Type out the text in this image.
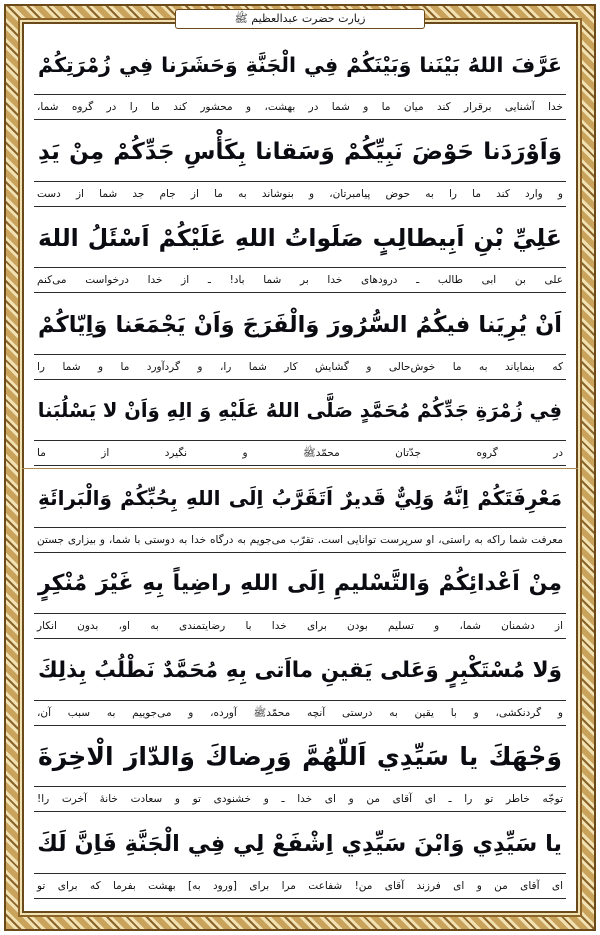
زیارت حضرت عبدالعظیم ﷺ
عَرَّفَ اللهُ بَيْنَنا وَبَيْنَكُمْ فِي الْجَنَّةِ وَحَشَرَنا فِي زُمْرَتِكُمْ
خدا آشنایی برقرار کند میان ما و شما در بهشت، و محشور کند ما را در گروه شما،
وَاَوْرَدَنا حَوْضَ نَبِيِّكُمْ وَسَقانا بِكَأْسِ جَدِّكُمْ مِنْ يَدِ
و وارد کند ما را به حوض پیامبرتان، و بنوشاند به ما از جام جد شما از دست
عَلِيِّ بْنِ اَبِيطالِبٍ صَلَواتُ اللهِ عَلَيْكُمْ اَسْئَلُ اللهَ
علی بن ابی طالب ـ درودهای خدا بر شما باد! ـ از خدا درخواست می‌کنم
اَنْ يُرِيَنا فيكُمُ السُّرُورَ وَالْفَرَجَ وَاَنْ يَجْمَعَنا وَاِيّاكُمْ
که بنمایاند به ما خوش‌حالی و گشایش کار شما را، و گردآورد ما و شما را
فِي زُمْرَةِ جَدِّكُمْ مُحَمَّدٍ صَلَّى اللهُ عَلَيْهِ وَ الِهِ وَاَنْ لا يَسْلُبَنا
در گروه جدّتان محمّدﷺ و نگیرد از ما
مَعْرِفَتَكُمْ اِنَّهُ وَلِيٌّ قَديرٌ اَتَقَرَّبُ اِلَى اللهِ بِحُبِّكُمْ وَالْبَرائَةِ
معرفت شما راکه به راستی، او سرپرست توانایی است. تقرّب می‌جویم به درگاه خدا به دوستی با شما، و بیزاری جستن
مِنْ اَعْدائِكُمْ وَالتَّسْليمِ اِلَى اللهِ راضِياً بِهِ غَيْرَ مُنْكِرٍ
از دشمنان شما، و تسلیم بودن برای خدا با رضایتمندی به او، بدون انکار
وَلا مُسْتَكْبِرٍ وَعَلى يَقينِ مااَتى بِهِ مُحَمَّدٌ نَطْلُبُ بِذلِكَ
و گردنکشی، و با یقین به درستی آنچه محمّدﷺ آورده، و می‌جوییم به سبب آن،
وَجْهَكَ يا سَيِّدِي اَللّهُمَّ وَرِضاكَ وَالدّارَ الْاخِرَةَ
توجّه خاطر تو را ـ ای آقای من و ای خدا ـ و خشنودی تو و سعادت خانهٔ آخرت را!
يا سَيِّدِي وَابْنَ سَيِّدِي اِشْفَعْ لِي فِي الْجَنَّةِ فَاِنَّ لَكَ
ای آقای من و ای فرزند آقای من! شفاعت مرا برای [ورود به] بهشت بفرما که برای تو
